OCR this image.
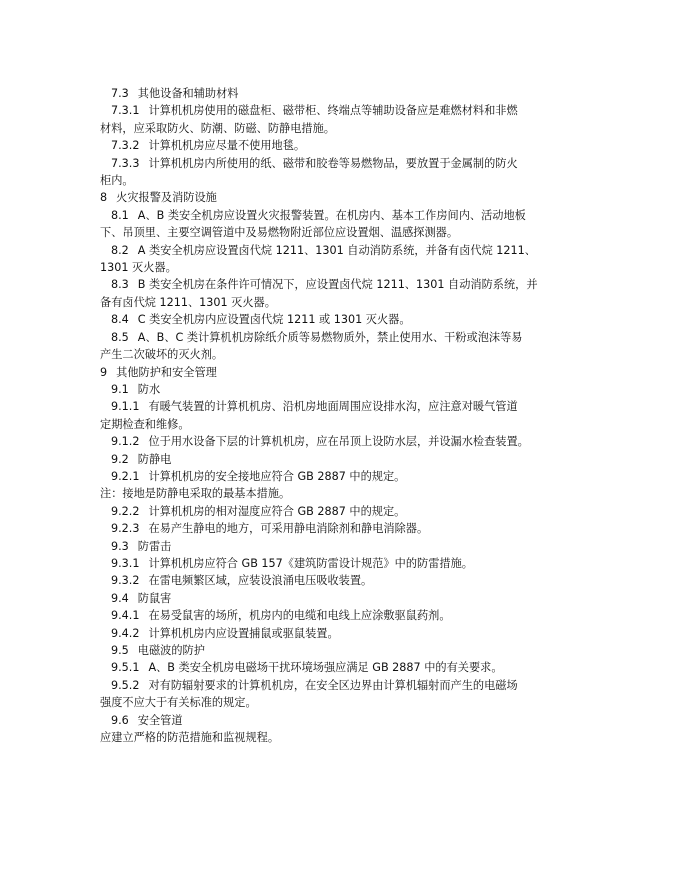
7.3 其他设备和辅助材料

7.3.1 计算机机房使用的磁盘柜、磁带柜、终端点等辅助设备应是难燃材料和非燃

材料，应采取防火、防潮、防磁、防静电措施。

7.3.2 计算机机房应尽量不使用地毯。

7.3.3 计算机机房内所使用的纸、磁带和胶卷等易燃物品，要放置于金属制的防火

柜内。

8 火灾报警及消防设施

8.1 A、B 类安全机房应设置火灾报警装置。在机房内、基本工作房间内、活动地板

下、吊顶里、主要空调管道中及易燃物附近部位应设置烟、温感探测器。

8.2 A 类安全机房应设置卤代烷 1211、1301 自动消防系统，并备有卤代烷 1211、

1301 灭火器。

8.3 B 类安全机房在条件许可情况下，应设置卤代烷 1211、1301 自动消防系统，并

备有卤代烷 1211、1301 灭火器。

8.4 C 类安全机房内应设置卤代烷 1211 或 1301 灭火器。

8.5 A、B、C 类计算机机房除纸介质等易燃物质外，禁止使用水、干粉或泡沫等易

产生二次破坏的灭火剂。

9 其他防护和安全管理

9.1 防水

9.1.1 有暖气装置的计算机机房、沿机房地面周围应设排水沟，应注意对暖气管道

定期检查和维修。

9.1.2 位于用水设备下层的计算机机房，应在吊顶上设防水层，并设漏水检查装置。

9.2 防静电

9.2.1 计算机机房的安全接地应符合 GB 2887 中的规定。

注：接地是防静电采取的最基本措施。

9.2.2 计算机机房的相对湿度应符合 GB 2887 中的规定。

9.2.3 在易产生静电的地方，可采用静电消除剂和静电消除器。

9.3 防雷击

9.3.1 计算机机房应符合 GB 157《建筑防雷设计规范》中的防雷措施。

9.3.2 在雷电频繁区域，应装设浪涌电压吸收装置。

9.4 防鼠害

9.4.1 在易受鼠害的场所，机房内的电缆和电线上应涂敷驱鼠药剂。

9.4.2 计算机机房内应设置捕鼠或驱鼠装置。

9.5 电磁波的防护

9.5.1 A、B 类安全机房电磁场干扰环境场强应满足 GB 2887 中的有关要求。

9.5.2 对有防辐射要求的计算机机房，在安全区边界由计算机辐射而产生的电磁场

强度不应大于有关标准的规定。

9.6 安全管道

应建立严格的防范措施和监视规程。
